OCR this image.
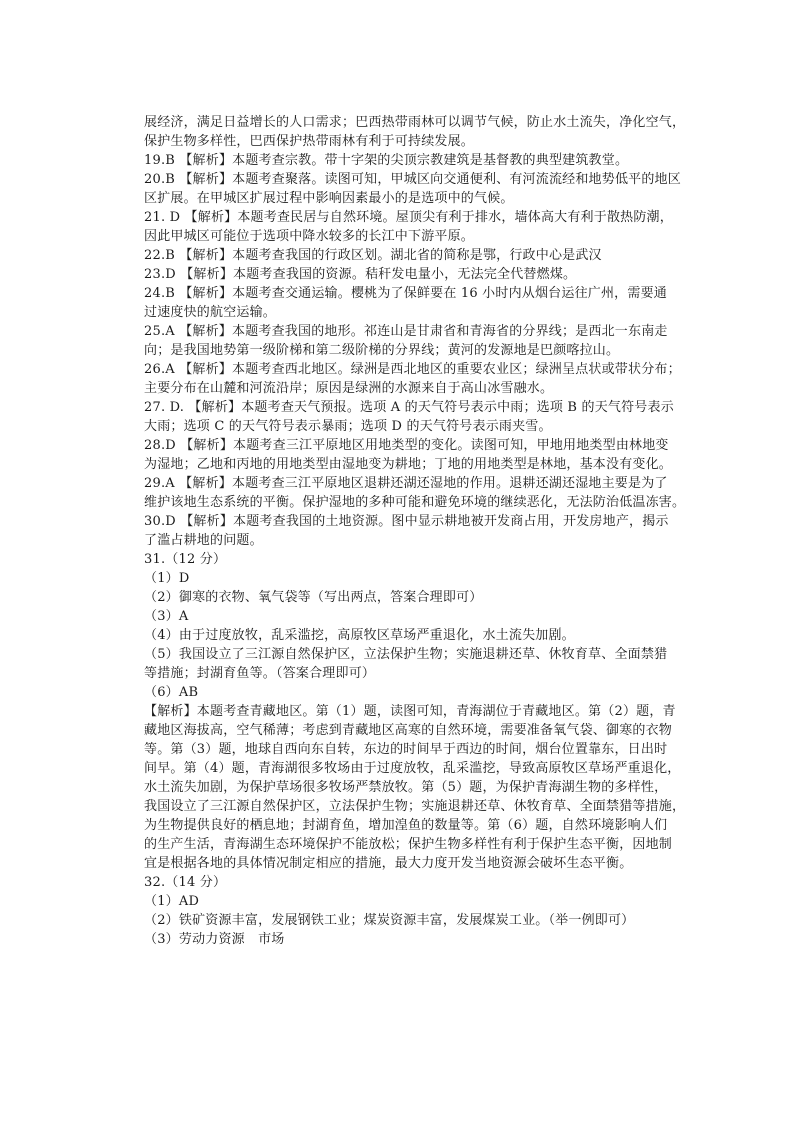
展经济，满足日益增长的人口需求；巴西热带雨林可以调节气候，防止水土流失，净化空气，
保护生物多样性，巴西保护热带雨林有利于可持续发展。
19.B 【解析】本题考查宗教。带十字架的尖顶宗教建筑是基督教的典型建筑教堂。
20.B 【解析】本题考查聚落。读图可知，甲城区向交通便利、有河流流经和地势低平的地区
区扩展。在甲城区扩展过程中影响因素最小的是选项中的气候。
21. D 【解析】本题考查民居与自然环境。屋顶尖有利于排水，墙体高大有利于散热防潮，
因此甲城区可能位于选项中降水较多的长江中下游平原。
22.B 【解析】本题考查我国的行政区划。湖北省的简称是鄂，行政中心是武汉
23.D 【解析】本题考查我国的资源。秸秆发电量小，无法完全代替燃煤。
24.B 【解析】本题考查交通运输。樱桃为了保鲜要在 16 小时内从烟台运往广州，需要通
过速度快的航空运输。
25.A 【解析】本题考查我国的地形。祁连山是甘肃省和青海省的分界线；是西北一东南走
向；是我国地势第一级阶梯和第二级阶梯的分界线；黄河的发源地是巴颜喀拉山。
26.A 【解析】本题考查西北地区。绿洲是西北地区的重要农业区；绿洲呈点状或带状分布；
主要分布在山麓和河流沿岸；原因是绿洲的水源来自于高山冰雪融水。
27. D. 【解析】本题考查天气预报。选项 A 的天气符号表示中雨；选项 B 的天气符号表示
大雨；选项 C 的天气符号表示暴雨；选项 D 的天气符号表示雨夹雪。
28.D 【解析】本题考查三江平原地区用地类型的变化。读图可知，甲地用地类型由林地变
为湿地；乙地和丙地的用地类型由湿地变为耕地；丁地的用地类型是林地，基本没有变化。
29.A 【解析】本题考查三江平原地区退耕还湖还湿地的作用。退耕还湖还湿地主要是为了
维护该地生态系统的平衡。保护湿地的多种可能和避免环境的继续恶化，无法防治低温冻害。
30.D 【解析】本题考查我国的土地资源。图中显示耕地被开发商占用，开发房地产，揭示
了滥占耕地的问题。
31.（12 分）
（1）D
（2）御寒的衣物、氧气袋等（写出两点，答案合理即可）
（3）A
（4）由于过度放牧，乱采滥挖，高原牧区草场严重退化，水土流失加剧。
（5）我国设立了三江源自然保护区，立法保护生物；实施退耕还草、休牧育草、全面禁猎
等措施；封湖育鱼等。（答案合理即可）
（6）AB
【解析】本题考查青藏地区。第（1）题，读图可知，青海湖位于青藏地区。第（2）题，青
藏地区海拔高，空气稀薄；考虑到青藏地区高寒的自然环境，需要准备氧气袋、御寒的衣物
等。第（3）题，地球自西向东自转，东边的时间早于西边的时间，烟台位置靠东，日出时
间早。第（4）题，青海湖很多牧场由于过度放牧，乱采滥挖，导致高原牧区草场严重退化，
水土流失加剧，为保护草场很多牧场严禁放牧。第（5）题，为保护青海湖生物的多样性，
我国设立了三江源自然保护区，立法保护生物；实施退耕还草、休牧育草、全面禁猎等措施，
为生物提供良好的栖息地；封湖育鱼，增加湟鱼的数量等。第（6）题，自然环境影响人们
的生产生活，青海湖生态环境保护不能放松；保护生物多样性有利于保护生态平衡，因地制
宜是根据各地的具体情况制定相应的措施，最大力度开发当地资源会破坏生态平衡。
32.（14 分）
（1）AD
（2）铁矿资源丰富，发展钢铁工业；煤炭资源丰富，发展煤炭工业。（举一例即可）
（3）劳动力资源　市场
